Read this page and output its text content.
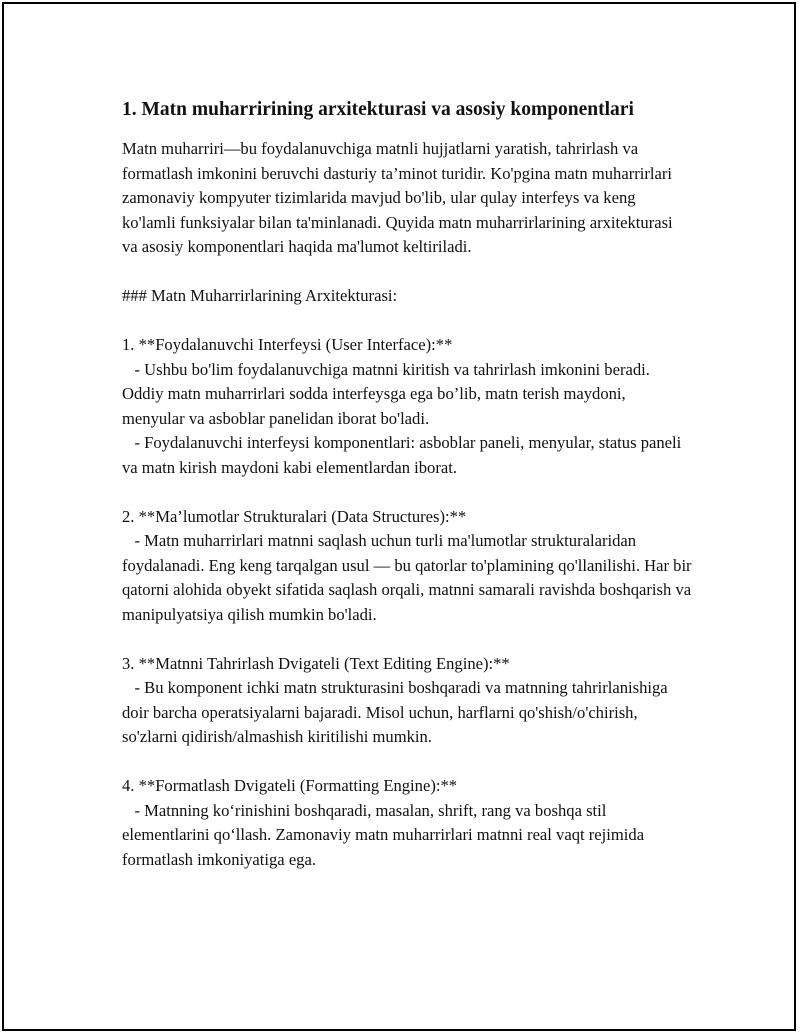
1. Matn muharririning arxitekturasi va asosiy komponentlari

Matn muharriri—bu foydalanuvchiga matnli hujjatlarni yaratish, tahrirlash va formatlash imkonini beruvchi dasturiy ta’minot turidir. Ko'pgina matn muharrirlari zamonaviy kompyuter tizimlarida mavjud bo'lib, ular qulay interfeys va keng ko'lamli funksiyalar bilan ta'minlanadi. Quyida matn muharrirlarining arxitekturasi va asosiy komponentlari haqida ma'lumot keltiriladi.

### Matn Muharrirlarining Arxitekturasi:

1. **Foydalanuvchi Interfeysi (User Interface):**
- Ushbu bo'lim foydalanuvchiga matnni kiritish va tahrirlash imkonini beradi. Oddiy matn muharrirlari sodda interfeysga ega bo’lib, matn terish maydoni, menyular va asboblar panelidan iborat bo'ladi.
- Foydalanuvchi interfeysi komponentlari: asboblar paneli, menyular, status paneli va matn kirish maydoni kabi elementlardan iborat.
2. **Ma’lumotlar Strukturalari (Data Structures):**
- Matn muharrirlari matnni saqlash uchun turli ma'lumotlar strukturalaridan foydalanadi. Eng keng tarqalgan usul — bu qatorlar to'plamining qo'llanilishi. Har bir qatorni alohida obyekt sifatida saqlash orqali, matnni samarali ravishda boshqarish va manipulyatsiya qilish mumkin bo'ladi.
3. **Matnni Tahrirlash Dvigateli (Text Editing Engine):**
- Bu komponent ichki matn strukturasini boshqaradi va matnning tahrirlanishiga doir barcha operatsiyalarni bajaradi. Misol uchun, harflarni qo'shish/o'chirish, so'zlarni qidirish/almashish kiritilishi mumkin.
4. **Formatlash Dvigateli (Formatting Engine):**
- Matnning ko‘rinishini boshqaradi, masalan, shrift, rang va boshqa stil elementlarini qo‘llash. Zamonaviy matn muharrirlari matnni real vaqt rejimida formatlash imkoniyatiga ega.
